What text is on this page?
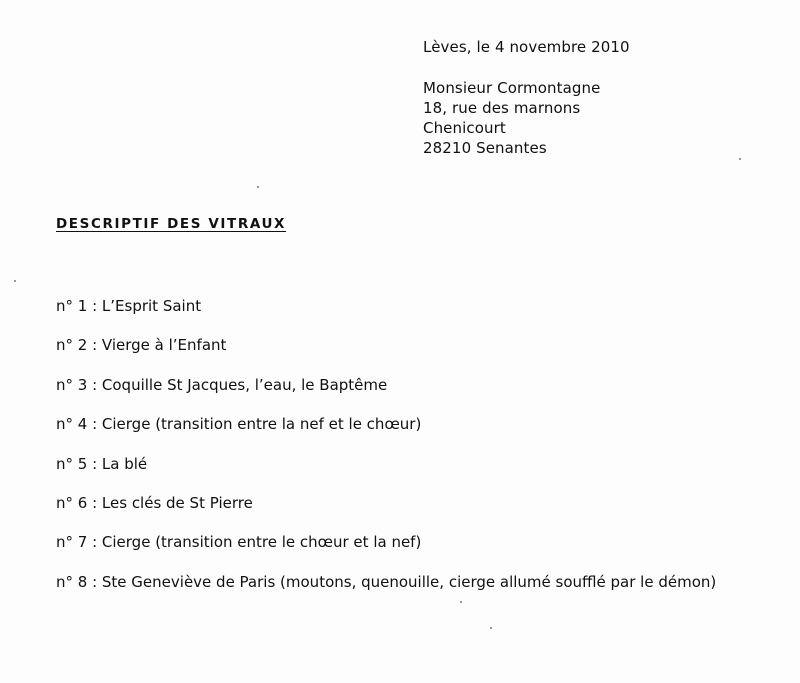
Lèves, le 4 novembre 2010
Monsieur Cormontagne
18, rue des marnons
Chenicourt
28210 Senantes
DESCRIPTIF DES VITRAUX
n° 1 : L’Esprit Saint
n° 2 : Vierge à l’Enfant
n° 3 : Coquille St Jacques, l’eau, le Baptême
n° 4 : Cierge (transition entre la nef et le chœur)
n° 5 : La blé
n° 6 : Les clés de St Pierre
n° 7 : Cierge (transition entre le chœur et la nef)
n° 8 : Ste Geneviève de Paris (moutons, quenouille, cierge allumé soufflé par le démon)
